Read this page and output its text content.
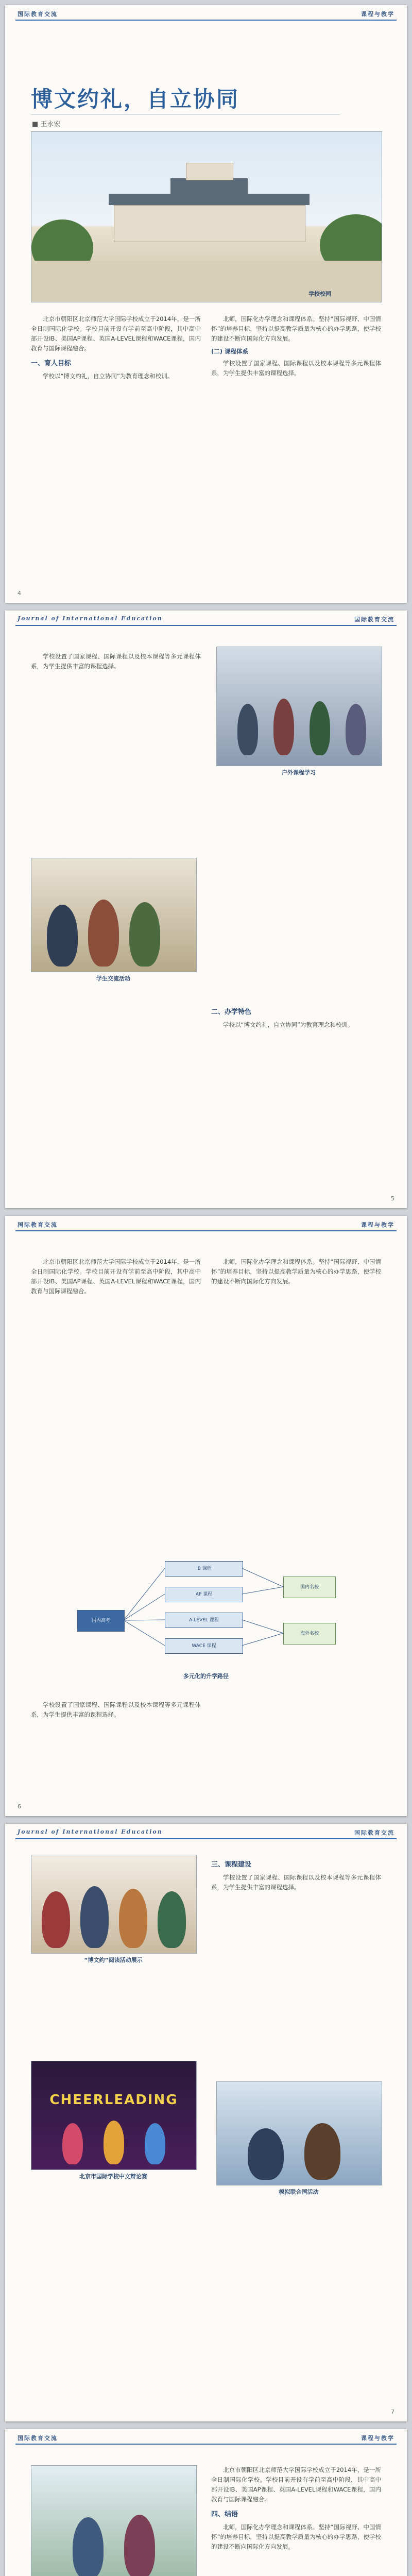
国际教育交流	课程与教学
博文约礼，自立协同
■ 王永宏
学校校园

北京市朝阳区北京师范大学国际学校成立于2014年，是一所全日制国际化学校。学校目前开设有学前至高中阶段，其中高中部开设IB、美国AP课程、英国A-LEVEL课程和WACE课程，国内教育与国际课程融合。

一、育人目标

学校以“博文约礼，自立协同”为教育理念和校训。

北师，国际化办学理念和课程体系。坚持“国际视野、中国情怀”的培养目标，坚持以提高教学质量为核心的办学思路，使学校的建设不断向国际化方向发展。

(二) 课程体系

学校设置了国家课程、国际课程以及校本课程等多元课程体系，为学生提供丰富的课程选择。

4
Journal of International Education	国际教育交流
户外课程学习
学生交流活动

学校设置了国家课程、国际课程以及校本课程等多元课程体系，为学生提供丰富的课程选择。

二、办学特色

学校以“博文约礼，自立协同”为教育理念和校训。

5
国际教育交流	课程与教学

北京市朝阳区北京师范大学国际学校成立于2014年，是一所全日制国际化学校。学校目前开设有学前至高中阶段，其中高中部开设IB、美国AP课程、英国A-LEVEL课程和WACE课程，国内教育与国际课程融合。

北师，国际化办学理念和课程体系。坚持“国际视野、中国情怀”的培养目标，坚持以提高教学质量为核心的办学思路，使学校的建设不断向国际化方向发展。

国内高考
IB 课程
AP 课程
A-LEVEL 课程
WACE 课程
国内名校
海外名校
多元化的升学路径

学校设置了国家课程、国际课程以及校本课程等多元课程体系，为学生提供丰富的课程选择。

6
Journal of International Education	国际教育交流
“博文约”阅读活动展示
CHEERLEADING
北京市国际学校中文辩论赛
三、课程建设

学校设置了国家课程、国际课程以及校本课程等多元课程体系，为学生提供丰富的课程选择。

模拟联合国活动
7
国际教育交流	课程与教学

北京市朝阳区北京师范大学国际学校成立于2014年，是一所全日制国际化学校。学校目前开设有学前至高中阶段，其中高中部开设IB、美国AP课程、英国A-LEVEL课程和WACE课程，国内教育与国际课程融合。

四、结语

北师，国际化办学理念和课程体系。坚持“国际视野、中国情怀”的培养目标，坚持以提高教学质量为核心的办学思路，使学校的建设不断向国际化方向发展。
